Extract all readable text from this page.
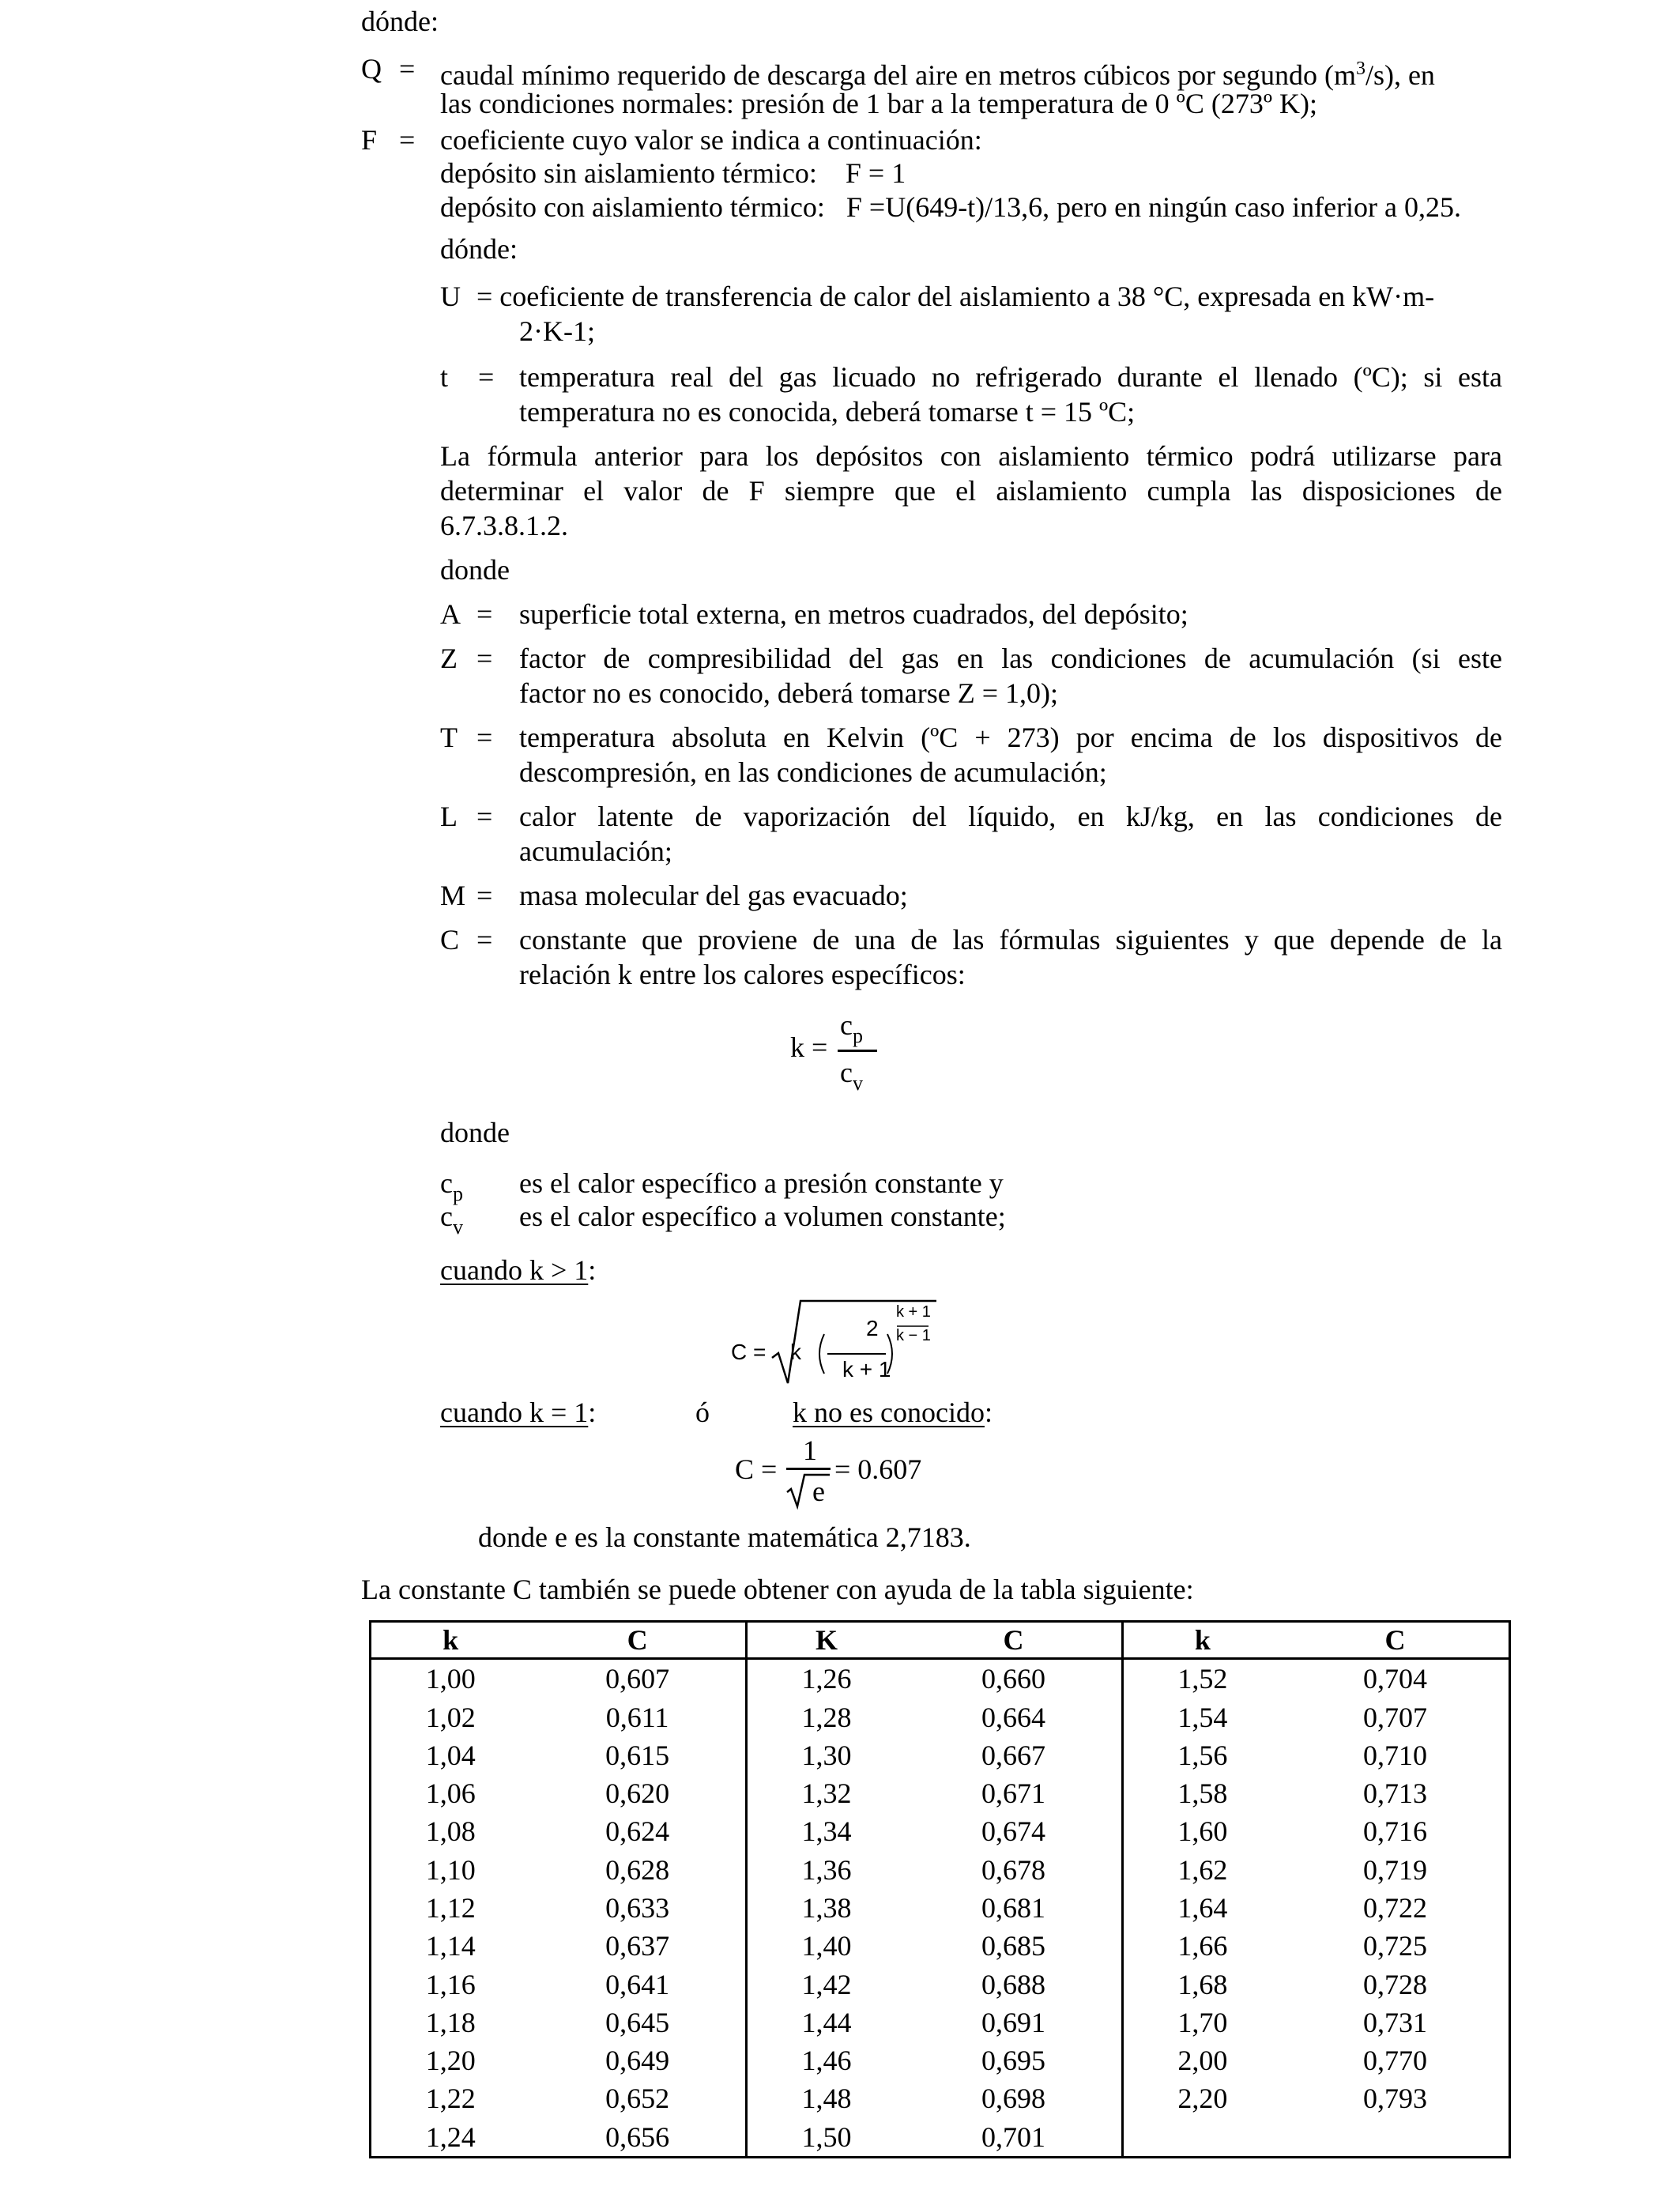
dónde:
Q = caudal mínimo requerido de descarga del aire en metros cúbicos por segundo $(m^3/s)$, en
las condiciones normales: presión de 1 bar a la temperatura de 0 ºC (273º K);
F = coeficiente cuyo valor se indica a continuación:
depósito sin aislamiento térmico:    F = 1
depósito con aislamiento térmico:   F =U(649-t)/13,6, pero en ningún caso inferior a 0,25.
dónde:
U = coeficiente de transferencia de calor del aislamiento a 38 °C, expresada en kW·m-
2·K-1;
t = temperatura real del gas licuado no refrigerado durante el llenado (ºC); si esta
temperatura no es conocida, deberá tomarse t = 15 ºC;
La fórmula anterior para los depósitos con aislamiento térmico podrá utilizarse para
determinar el valor de F siempre que el aislamiento cumpla las disposiciones de
6.7.3.8.1.2.
donde
A = superficie total externa, en metros cuadrados, del depósito;
Z = factor de compresibilidad del gas en las condiciones de acumulación (si este
factor no es conocido, deberá tomarse Z = 1,0);
T = temperatura absoluta en Kelvin (ºC + 273) por encima de los dispositivos de
descompresión, en las condiciones de acumulación;
L = calor latente de vaporización del líquido, en kJ/kg, en las condiciones de
acumulación;
M = masa molecular del gas evacuado;
C = constante que proviene de una de las fórmulas siguientes y que depende de la
relación k entre los calores específicos:
k =
$c_p$
$c_v$
donde
$c_p$ es el calor específico a presión constante y
$c_v$ es el calor específico a volumen constante;
cuando k > 1:
C = k
2
k + 1
k + 1
k − 1
cuando k = 1:	ó	k no es conocido:
C =
1
e
= 0.607
donde e es la constante matemática 2,7183.
La constante C también se puede obtener con ayuda de la tabla siguiente:
k	C	K	C	k	C
1,00	0,607	1,26	0,660	1,52	0,704
1,02	0,611	1,28	0,664	1,54	0,707
1,04	0,615	1,30	0,667	1,56	0,710
1,06	0,620	1,32	0,671	1,58	0,713
1,08	0,624	1,34	0,674	1,60	0,716
1,10	0,628	1,36	0,678	1,62	0,719
1,12	0,633	1,38	0,681	1,64	0,722
1,14	0,637	1,40	0,685	1,66	0,725
1,16	0,641	1,42	0,688	1,68	0,728
1,18	0,645	1,44	0,691	1,70	0,731
1,20	0,649	1,46	0,695	2,00	0,770
1,22	0,652	1,48	0,698	2,20	0,793
1,24	0,656	1,50	0,701		
